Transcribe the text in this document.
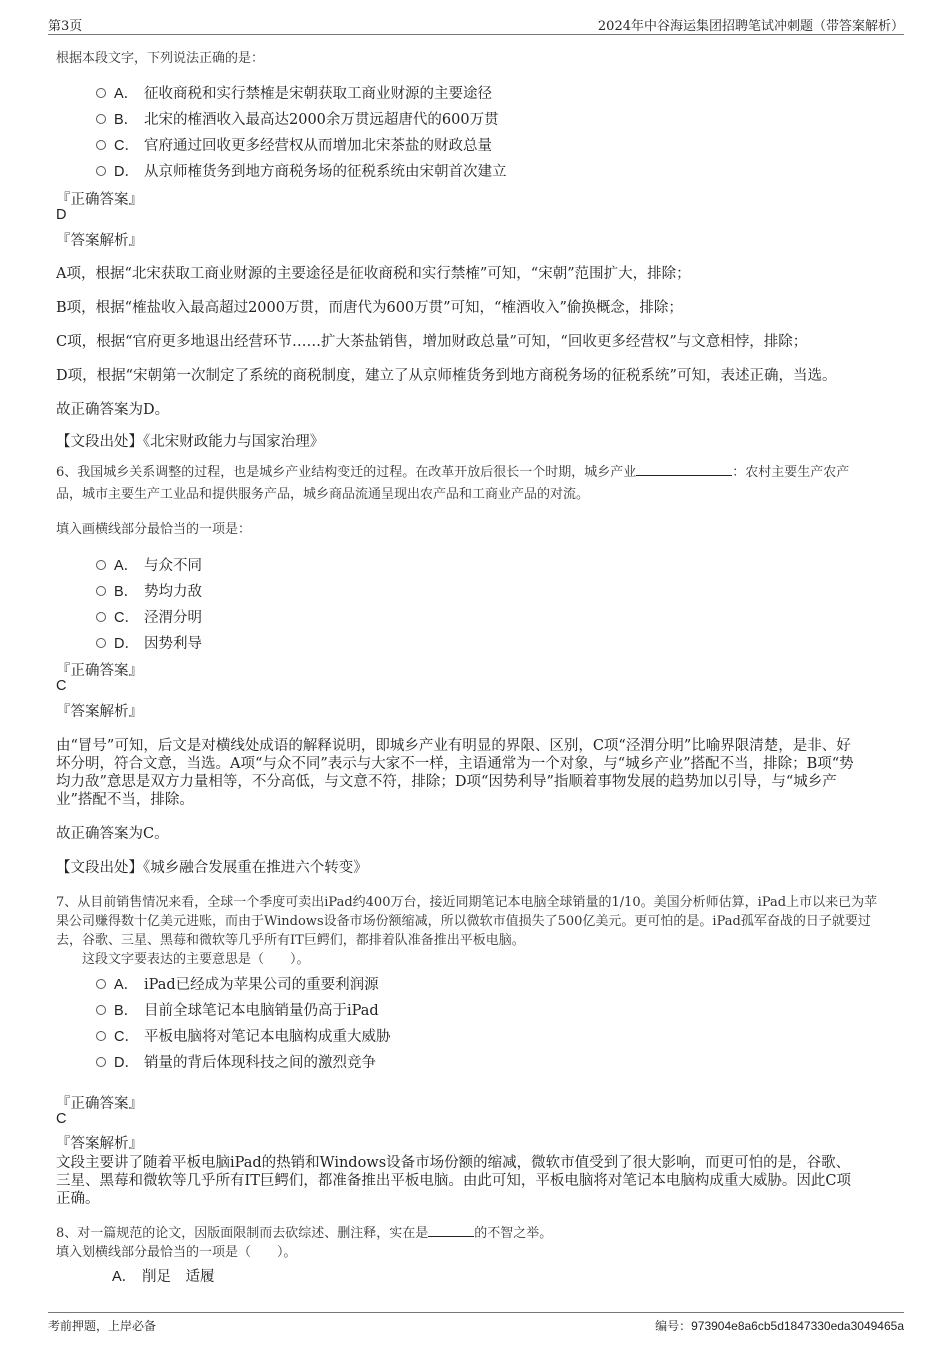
第3页	2024年中谷海运集团招聘笔试冲刺题（带答案解析）
根据本段文字，下列说法正确的是：
A． 征收商税和实行禁榷是宋朝获取工商业财源的主要途径
B． 北宋的榷酒收入最高达2000余万贯远超唐代的600万贯
C． 官府通过回收更多经营权从而增加北宋茶盐的财政总量
D． 从京师榷货务到地方商税务场的征税系统由宋朝首次建立
『正确答案』
D
『答案解析』
A项，根据“北宋获取工商业财源的主要途径是征收商税和实行禁榷”可知，“宋朝”范围扩大，排除；
B项，根据“榷盐收入最高超过2000万贯，而唐代为600万贯”可知，“榷酒收入”偷换概念，排除；
C项，根据“官府更多地退出经营环节……扩大茶盐销售，增加财政总量”可知，“回收更多经营权”与文意相悖，排除；
D项，根据“宋朝第一次制定了系统的商税制度，建立了从京师榷货务到地方商税务场的征税系统”可知，表述正确，当选。
故正确答案为D。
【文段出处】《北宋财政能力与国家治理》
6、我国城乡关系调整的过程，也是城乡产业结构变迁的过程。在改革开放后很长一个时期，城乡产业	：农村主要生产农产
品，城市主要生产工业品和提供服务产品，城乡商品流通呈现出农产品和工商业产品的对流。
填入画横线部分最恰当的一项是：
A． 与众不同
B． 势均力敌
C． 泾渭分明
D． 因势利导
『正确答案』
C
『答案解析』
由“冒号”可知，后文是对横线处成语的解释说明，即城乡产业有明显的界限、区别，C项“泾渭分明”比喻界限清楚，是非、好
坏分明，符合文意，当选。A项“与众不同”表示与大家不一样，主语通常为一个对象，与“城乡产业”搭配不当，排除；B项“势
均力敌”意思是双方力量相等，不分高低，与文意不符，排除；D项“因势利导”指顺着事物发展的趋势加以引导，与“城乡产
业”搭配不当，排除。
故正确答案为C。
【文段出处】《城乡融合发展重在推进六个转变》
7、从目前销售情况来看，全球一个季度可卖出iPad约400万台，接近同期笔记本电脑全球销量的1/10。美国分析师估算，iPad上市以来已为苹
果公司赚得数十亿美元进账，而由于Windows设备市场份额缩减，所以微软市值损失了500亿美元。更可怕的是。iPad孤军奋战的日子就要过
去，谷歌、三星、黑莓和微软等几乎所有IT巨鳄们，都排着队准备推出平板电脑。
　　这段文字要表达的主要意思是（　　）。
A． iPad已经成为苹果公司的重要利润源
B． 目前全球笔记本电脑销量仍高于iPad
C． 平板电脑将对笔记本电脑构成重大威胁
D． 销量的背后体现科技之间的激烈竞争
『正确答案』
C
『答案解析』
文段主要讲了随着平板电脑iPad的热销和Windows设备市场份额的缩减，微软市值受到了很大影响，而更可怕的是，谷歌、
三星、黑莓和微软等几乎所有IT巨鳄们，都准备推出平板电脑。由此可知，平板电脑将对笔记本电脑构成重大威胁。因此C项
正确。
8、对一篇规范的论文，因版面限制而去砍综述、删注释，实在是	的不智之举。
填入划横线部分最恰当的一项是（　　）。
A． 削足　适履
考前押题，上岸必备	编号：973904e8a6cb5d1847330eda3049465a
